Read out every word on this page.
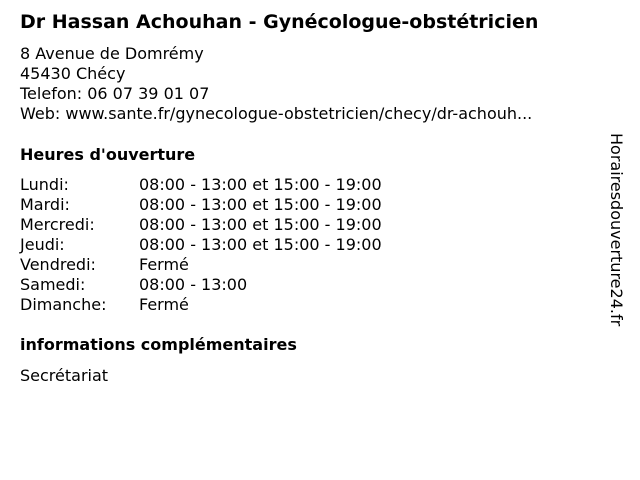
Dr Hassan Achouhan - Gynécologue-obstétricien
8 Avenue de Domrémy
45430 Chécy
Telefon: 06 07 39 01 07
Web: www.sante.fr/gynecologue-obstetricien/checy/dr-achouh...
Heures d'ouverture
Lundi:	08:00 - 13:00 et 15:00 - 19:00
Mardi:	08:00 - 13:00 et 15:00 - 19:00
Mercredi:	08:00 - 13:00 et 15:00 - 19:00
Jeudi:	08:00 - 13:00 et 15:00 - 19:00
Vendredi:	Fermé
Samedi:	08:00 - 13:00
Dimanche: Fermé
informations complémentaires
Secrétariat
Horairesdouverture24.fr
